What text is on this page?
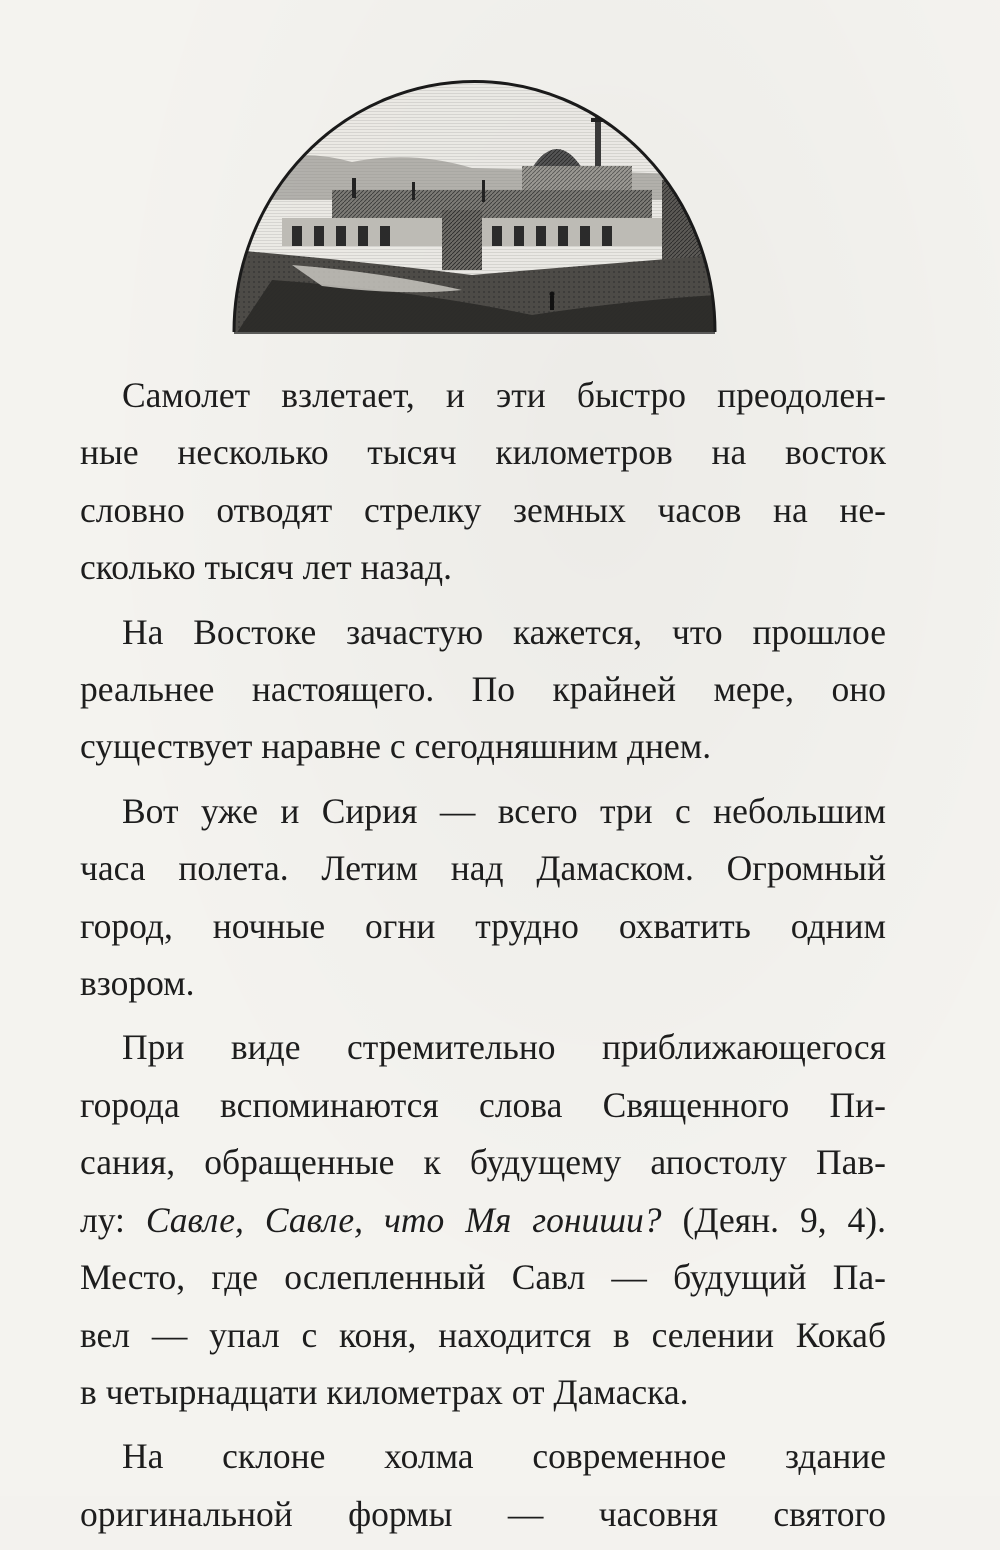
Самолет взлетает, и эти быстро преодолен-
ные несколько тысяч километров на восток
словно отводят стрелку земных часов на не-
сколько тысяч лет назад.

На Востоке зачастую кажется, что прошлое
реальнее настоящего. По крайней мере, оно
существует наравне с сегодняшним днем.

Вот уже и Сирия — всего три с небольшим
часа полета. Летим над Дамаском. Огромный
город, ночные огни трудно охватить одним
взором.

При виде стремительно приближающегося
города вспоминаются слова Священного Пи-
сания, обращенные к будущему апостолу Пав-
лу: Савле, Савле, что Мя гониши? (Деян. 9, 4).
Место, где ослепленный Савл — будущий Па-
вел — упал с коня, находится в селении Кокаб
в четырнадцати километрах от Дамаска.

На склоне холма современное здание
оригинальной формы — часовня святого
